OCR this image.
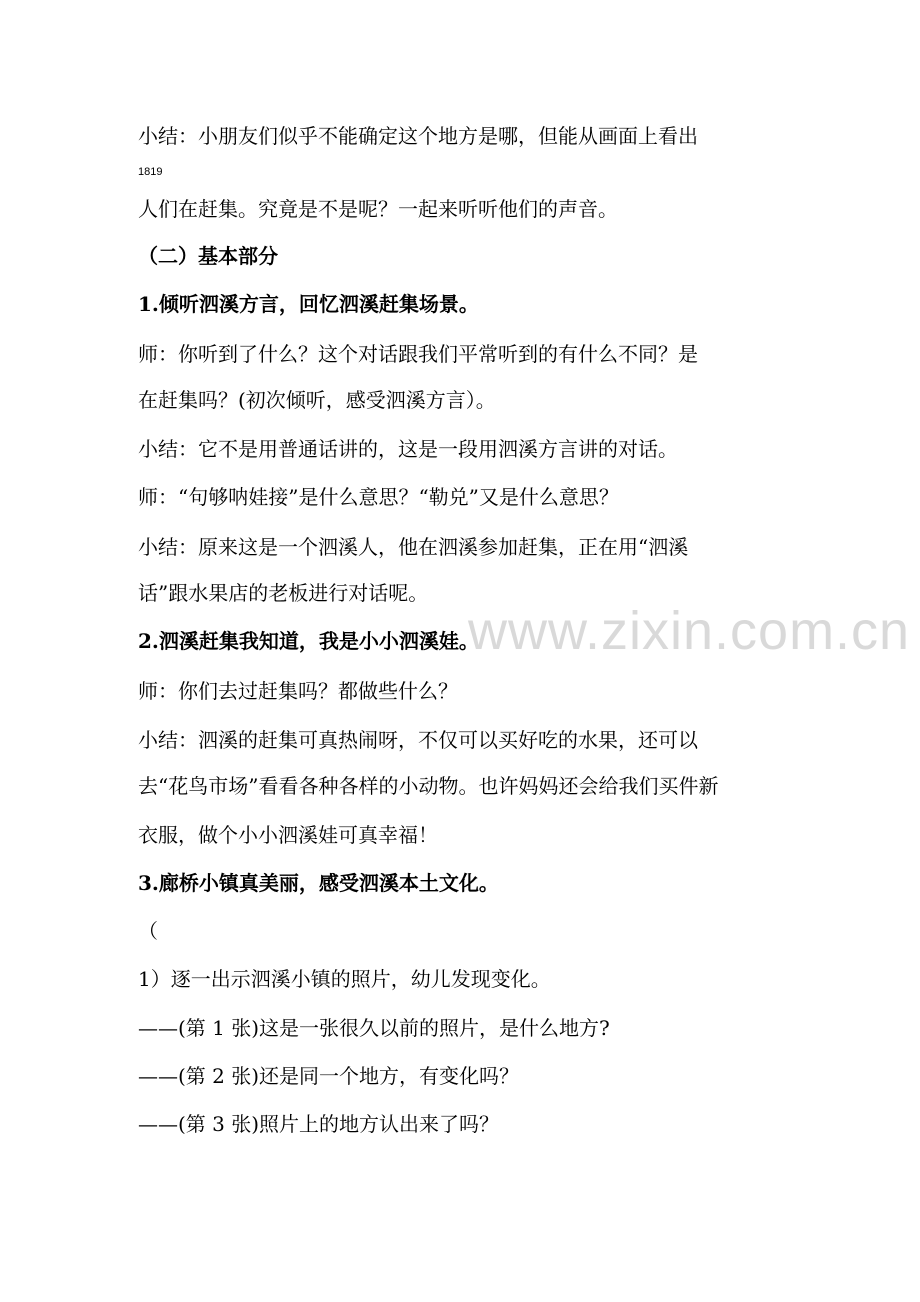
www.zixin.com.cn
小结：小朋友们似乎不能确定这个地方是哪，但能从画面上看出
1819
人们在赶集。究竟是不是呢？一起来听听他们的声音。
（二）基本部分
1.倾听泗溪方言，回忆泗溪赶集场景。
师：你听到了什么？这个对话跟我们平常听到的有什么不同？是
在赶集吗？(初次倾听，感受泗溪方言）。
小结：它不是用普通话讲的，这是一段用泗溪方言讲的对话。
师：“句够呐娃接”是什么意思？“勒兑”又是什么意思？
小结：原来这是一个泗溪人，他在泗溪参加赶集，正在用“泗溪
话”跟水果店的老板进行对话呢。
2.泗溪赶集我知道，我是小小泗溪娃。
师：你们去过赶集吗？都做些什么？
小结：泗溪的赶集可真热闹呀，不仅可以买好吃的水果，还可以
去“花鸟市场”看看各种各样的小动物。也许妈妈还会给我们买件新
衣服，做个小小泗溪娃可真幸福！
3.廊桥小镇真美丽，感受泗溪本土文化。
（
1）逐一出示泗溪小镇的照片，幼儿发现变化。
——(第 1 张)这是一张很久以前的照片，是什么地方?
——(第 2 张)还是同一个地方，有变化吗？
——(第 3 张)照片上的地方认出来了吗？
